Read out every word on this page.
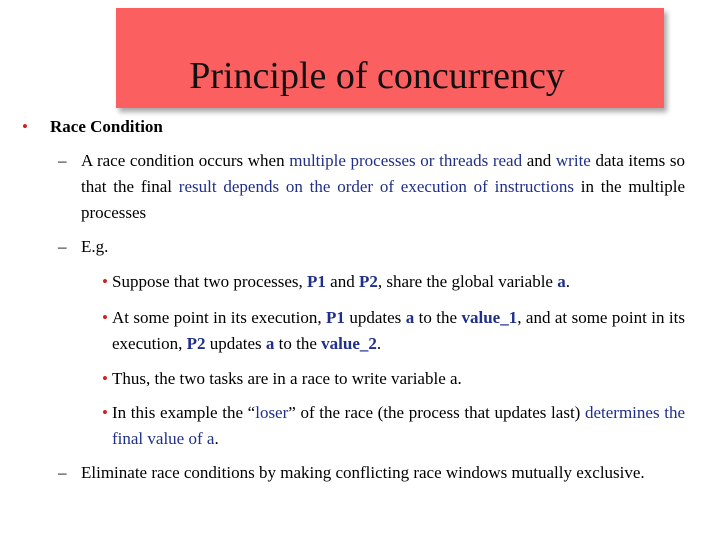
Principle of concurrency
• Race Condition
– A race condition occurs when multiple processes or threads read and write data items so that the final result depends on the order of execution of instructions in the multiple processes
– E.g.
• Suppose that two processes, P1 and P2, share the global variable a.
• At some point in its execution, P1 updates a to the value_1, and at some point in its execution, P2 updates a to the value_2.
• Thus, the two tasks are in a race to write variable a.
• In this example the “loser” of the race (the process that updates last) determines the final value of a.
– Eliminate race conditions by making conflicting race windows mutually exclusive.
